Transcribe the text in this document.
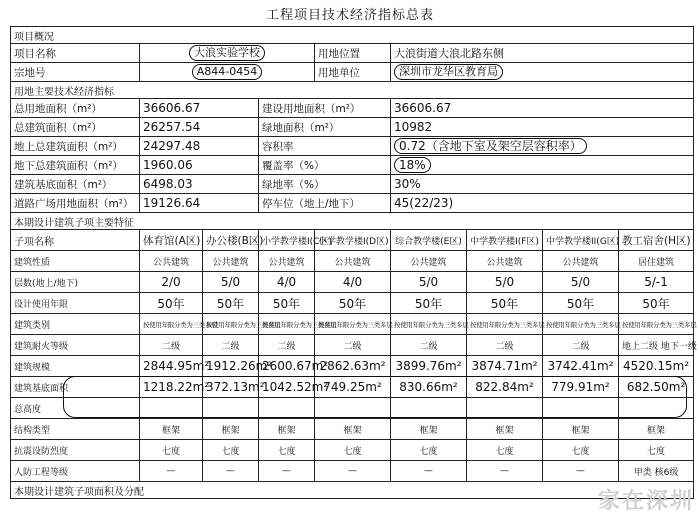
工程项目技术经济指标总表
项目概况								
项目名称	大浪实验学校			用地位置	大浪街道大浪北路东侧			
宗地号	A844-0454			用地单位	深圳市龙华区教育局			
用地主要技术经济指标								
总用地面积（m²）	36606.67		建设用地面积（m²）		36606.67			
总建筑面积（m²）	26257.54		绿地面积（m²）		10982			
地上总建筑面积（m²）	24297.48		容积率		0.72（含地下室及架空层容积率）			
地下总建筑面积（m²）	1960.06		覆盖率（%）		18%			
建筑基底面积（m²）	6498.03		绿地率（%）		30%			
道路广场用地面积（m²）	19126.64		停车位（地上/地下）		45(22/23)			
本期设计建筑子项主要特征								
子项名称	体育馆(A区)	办公楼(B区)	小学教学楼I(C区)	小学教学楼I(D区)	综合教学楼(E区)	中学教学楼I(F区)	中学教学楼II(G区)	教工宿舍(H区)
建筑性质	公共建筑	公共建筑	公共建筑	公共建筑	公共建筑	公共建筑	公共建筑	居住建筑
层数(地上/地下)	2/0	5/0	4/0	4/0	5/0	5/0	5/0	5/-1
设计使用年限	50年	50年	50年	50年	50年	50年	50年	50年
建筑类别	按使用年限分类为三类多层	按使用年限分类为三类多层	按使用年限分类为三类多层	按使用年限分类为三类多层	按使用年限分类为三类多层	按使用年限分类为三类多层	按使用年限分类为三类多层	按使用年限分类为三类多层
建筑耐火等级	二级	二级	二级	二级	二级	二级	二级	地上二级 地下一级
建筑规模	2844.95m²	1912.26m²	2600.67m²	2862.63m²	3899.76m²	3874.71m²	3742.41m²	4520.15m²
建筑基底面积	1218.22m²	372.13m²	1042.52m²	749.25m²	830.66m²	822.84m²	779.91m²	682.50m²
总高度								
结构类型	框架	框架	框架	框架	框架	框架	框架	框架
抗震设防烈度	七度	七度	七度	七度	七度	七度	七度	七度
人防工程等级	—	—	—	—	—	—	—	甲类 核6级
本期设计建筑子项面积及分配									家在深圳
